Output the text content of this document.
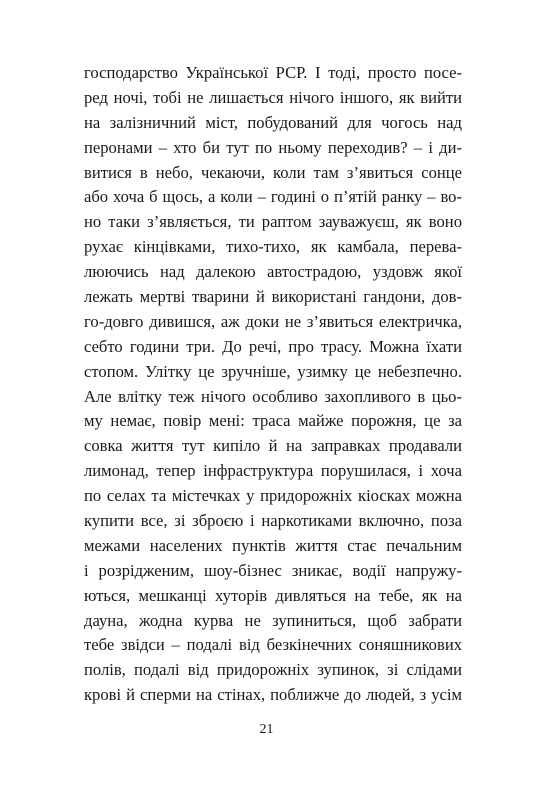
господарство Української РСР. І тоді, просто посе-
ред ночі, тобі не лишається нічого іншого, як вийти
на залізничний міст, побудований для чогось над
перонами – хто би тут по ньому переходив? – і ди-
витися в небо, чекаючи, коли там з’явиться сонце
або хоча б щось, а коли – годині о п’ятій ранку – во-
но таки з’являється, ти раптом зауважуєш, як воно
рухає кінцівками, тихо-тихо, як камбала, перева-
люючись над далекою автострадою, уздовж якої
лежать мертві тварини й використані гандони, дов-
го-довго дивишся, аж доки не з’явиться електричка,
себто години три. До речі, про трасу. Можна їхати
стопом. Улітку це зручніше, узимку це небезпечно.
Але влітку теж нічого особливо захопливого в цьо-
му немає, повір мені: траса майже порожня, це за
совка життя тут кипіло й на заправках продавали
лимонад, тепер інфраструктура порушилася, і хоча
по селах та містечках у придорожніх кіосках можна
купити все, зі зброєю і наркотиками включно, поза
межами населених пунктів життя стає печальним
і розрідженим, шоу-бізнес зникає, водії напружу-
ються, мешканці хуторів дивляться на тебе, як на
дауна, жодна курва не зупиниться, щоб забрати
тебе звідси – подалі від безкінечних соняшникових
полів, подалі від придорожніх зупинок, зі слідами
крові й сперми на стінах, поближче до людей, з усім
21
